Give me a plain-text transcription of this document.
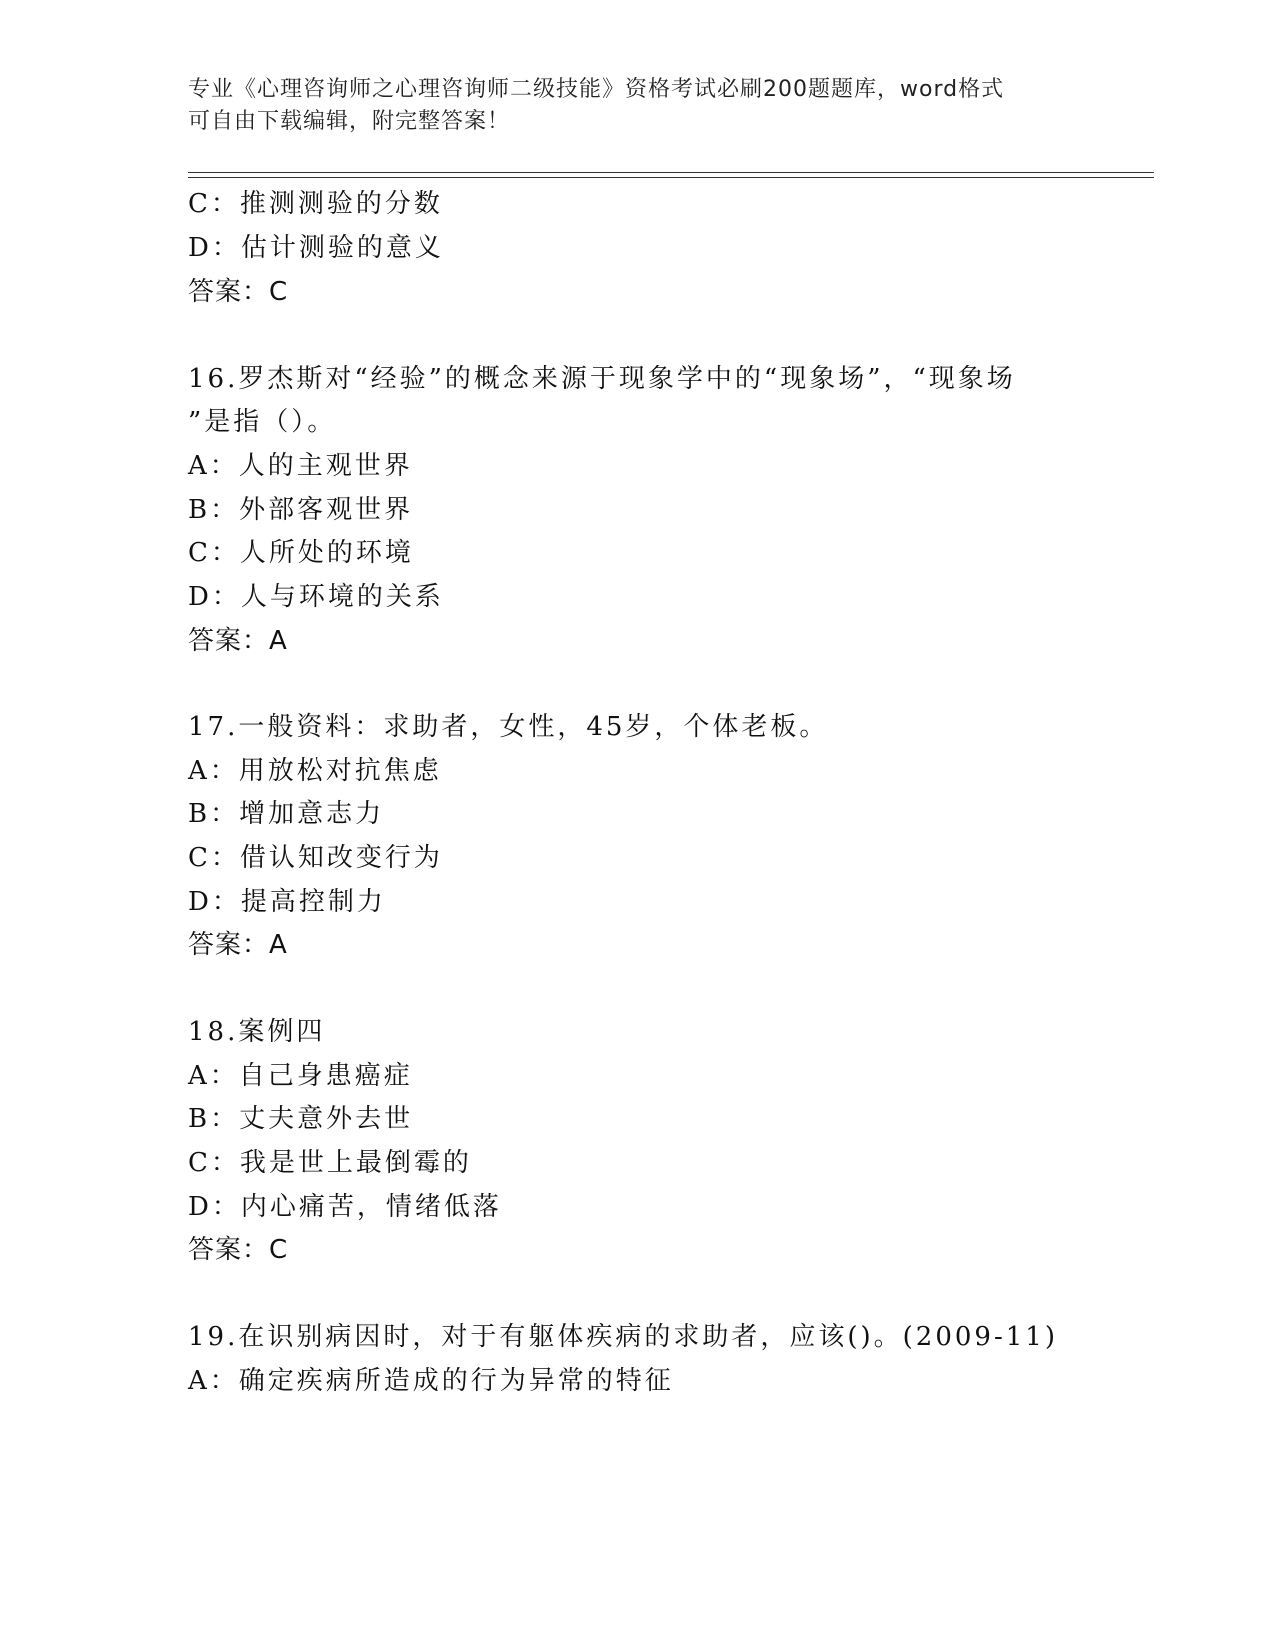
专业《心理咨询师之心理咨询师二级技能》资格考试必刷200题题库，word格式
可自由下载编辑，附完整答案！
C：推测测验的分数
D：估计测验的意义
答案：C
16.罗杰斯对“经验”的概念来源于现象学中的“现象场”，“现象场
”是指（）。
A：人的主观世界
B：外部客观世界
C：人所处的环境
D：人与环境的关系
答案：A
17.一般资料：求助者，女性，45岁，个体老板。
A：用放松对抗焦虑
B：增加意志力
C：借认知改变行为
D：提高控制力
答案：A
18.案例四
A：自己身患癌症
B：丈夫意外去世
C：我是世上最倒霉的
D：内心痛苦，情绪低落
答案：C
19.在识别病因时，对于有躯体疾病的求助者，应该()。(2009-11)
A：确定疾病所造成的行为异常的特征
